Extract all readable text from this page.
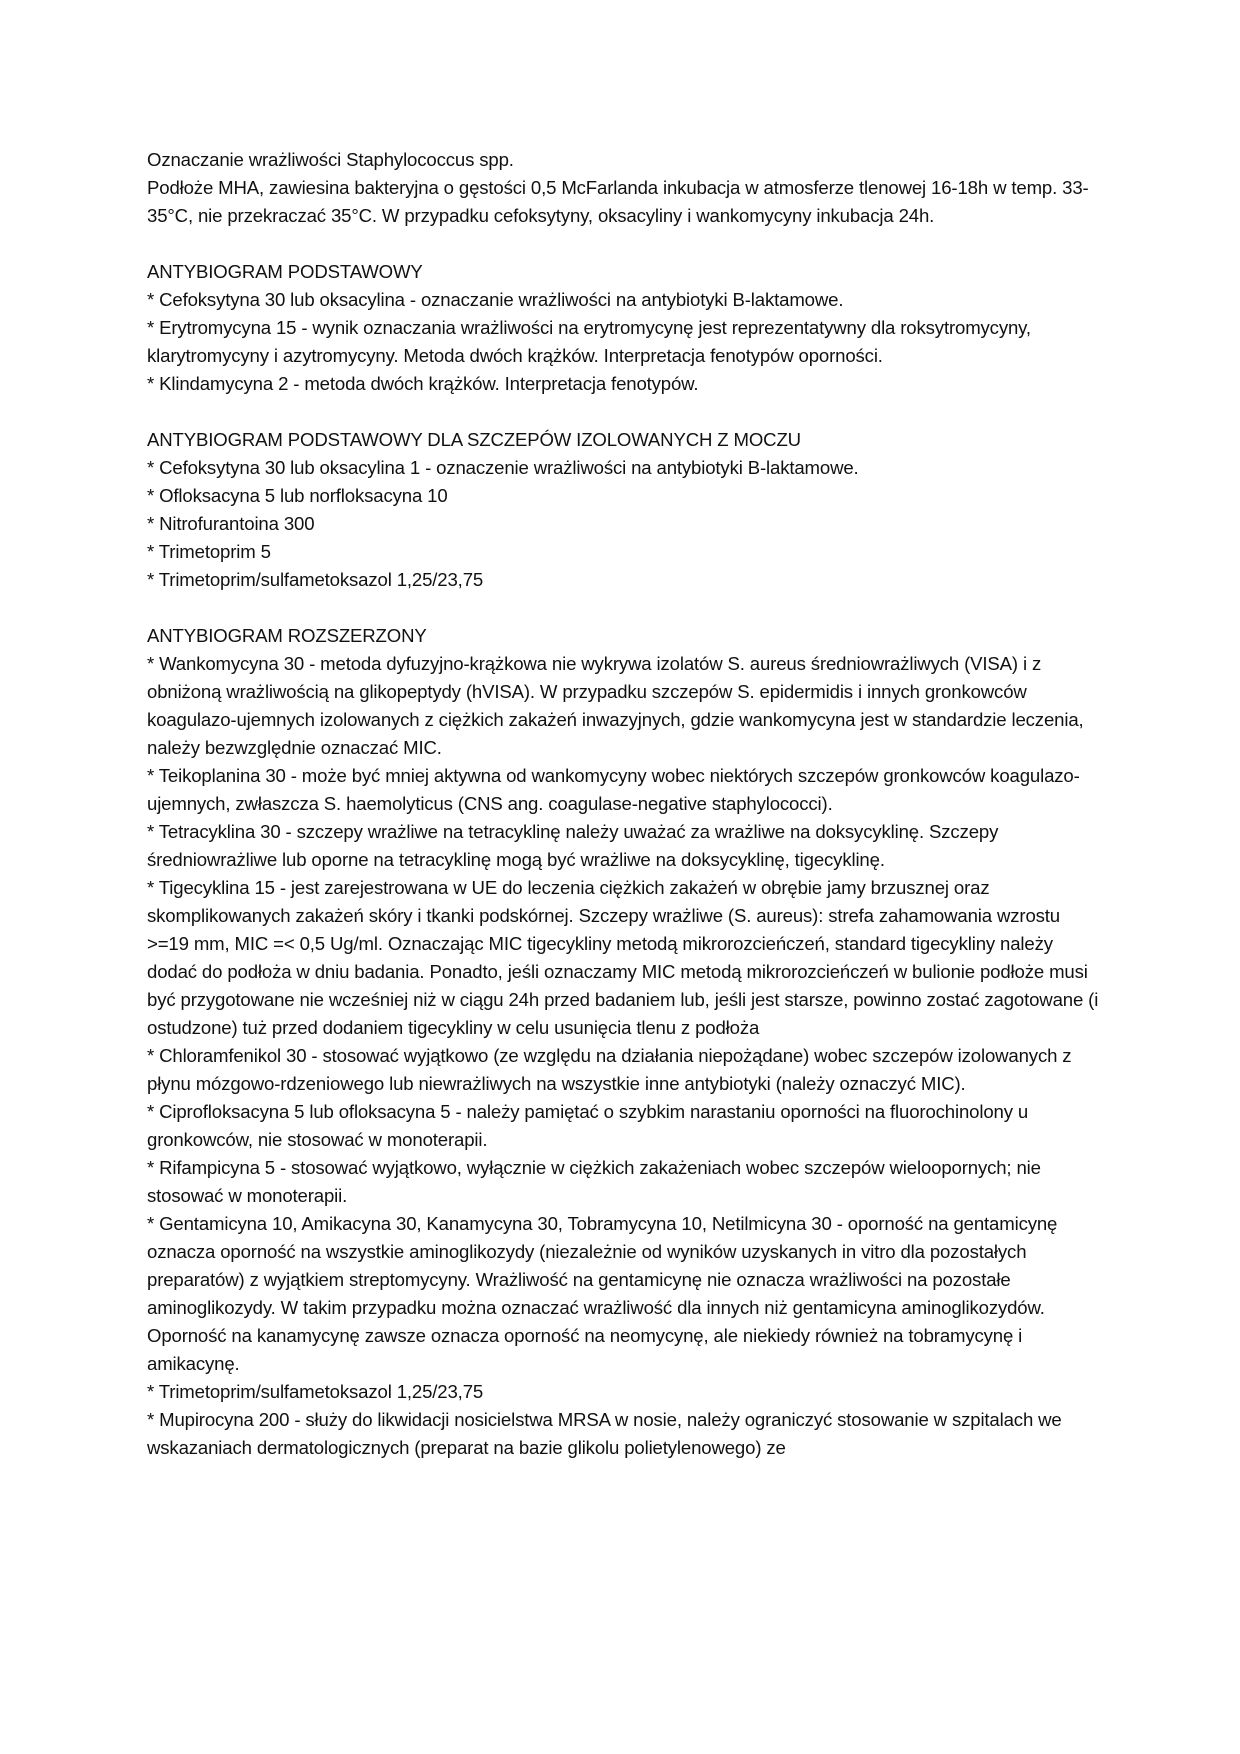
Oznaczanie wrażliwości Staphylococcus spp.

Podłoże MHA, zawiesina bakteryjna o gęstości 0,5 McFarlanda inkubacja w atmosferze tlenowej 16-18h w temp. 33-35°C, nie przekraczać 35°C. W przypadku cefoksytyny, oksacyliny i wankomycyny inkubacja 24h.

ANTYBIOGRAM PODSTAWOWY

* Cefoksytyna 30 lub oksacylina - oznaczanie wrażliwości na antybiotyki B-laktamowe.

* Erytromycyna 15 - wynik oznaczania wrażliwości na erytromycynę jest reprezentatywny dla roksytromycyny, klarytromycyny i azytromycyny. Metoda dwóch krążków. Interpretacja fenotypów oporności.

* Klindamycyna 2 - metoda dwóch krążków. Interpretacja fenotypów.

ANTYBIOGRAM PODSTAWOWY DLA SZCZEPÓW IZOLOWANYCH Z MOCZU

* Cefoksytyna 30 lub oksacylina 1 - oznaczenie wrażliwości na antybiotyki B-laktamowe.

* Ofloksacyna 5 lub norfloksacyna 10

* Nitrofurantoina 300

* Trimetoprim 5

* Trimetoprim/sulfametoksazol 1,25/23,75

ANTYBIOGRAM ROZSZERZONY

* Wankomycyna 30 - metoda dyfuzyjno-krążkowa nie wykrywa izolatów S. aureus średniowrażliwych (VISA) i z obniżoną wrażliwością na glikopeptydy (hVISA). W przypadku szczepów S. epidermidis i innych gronkowców koagulazo-ujemnych izolowanych z ciężkich zakażeń inwazyjnych, gdzie wankomycyna jest w standardzie leczenia, należy bezwzględnie oznaczać MIC.

* Teikoplanina 30 - może być mniej aktywna od wankomycyny wobec niektórych szczepów gronkowców koagulazo-ujemnych, zwłaszcza S. haemolyticus (CNS ang. coagulase-negative staphylococci).

* Tetracyklina 30 - szczepy wrażliwe na tetracyklinę należy uważać za wrażliwe na doksycyklinę. Szczepy średniowrażliwe lub oporne na tetracyklinę mogą być wrażliwe na doksycyklinę, tigecyklinę.

* Tigecyklina 15 - jest zarejestrowana w UE do leczenia ciężkich zakażeń w obrębie jamy brzusznej oraz skomplikowanych zakażeń skóry i tkanki podskórnej. Szczepy wrażliwe (S. aureus): strefa zahamowania wzrostu >=19 mm, MIC =< 0,5 Ug/ml. Oznaczając MIC tigecykliny metodą mikrorozcieńczeń, standard tigecykliny należy dodać do podłoża w dniu badania. Ponadto, jeśli oznaczamy MIC metodą mikrorozcieńczeń w bulionie podłoże musi być przygotowane nie wcześniej niż w ciągu 24h przed badaniem lub, jeśli jest starsze, powinno zostać zagotowane (i ostudzone) tuż przed dodaniem tigecykliny w celu usunięcia tlenu z podłoża

* Chloramfenikol 30 - stosować wyjątkowo (ze względu na działania niepożądane) wobec szczepów izolowanych z płynu mózgowo-rdzeniowego lub niewrażliwych na wszystkie inne antybiotyki (należy oznaczyć MIC).

* Ciprofloksacyna 5 lub ofloksacyna 5 - należy pamiętać o szybkim narastaniu oporności na fluorochinolony u gronkowców, nie stosować w monoterapii.

* Rifampicyna 5 - stosować wyjątkowo, wyłącznie w ciężkich zakażeniach wobec szczepów wieloopornych; nie stosować w monoterapii.

* Gentamicyna 10, Amikacyna 30, Kanamycyna 30, Tobramycyna 10, Netilmicyna 30 - oporność na gentamicynę oznacza oporność na wszystkie aminoglikozydy (niezależnie od wyników uzyskanych in vitro dla pozostałych preparatów) z wyjątkiem streptomycyny. Wrażliwość na gentamicynę nie oznacza wrażliwości na pozostałe aminoglikozydy. W takim przypadku można oznaczać wrażliwość dla innych niż gentamicyna aminoglikozydów. Oporność na kanamycynę zawsze oznacza oporność na neomycynę, ale niekiedy również na tobramycynę i amikacynę.

* Trimetoprim/sulfametoksazol 1,25/23,75

* Mupirocyna 200 - służy do likwidacji nosicielstwa MRSA w nosie, należy ograniczyć stosowanie w szpitalach we wskazaniach dermatologicznych (preparat na bazie glikolu polietylenowego) ze
